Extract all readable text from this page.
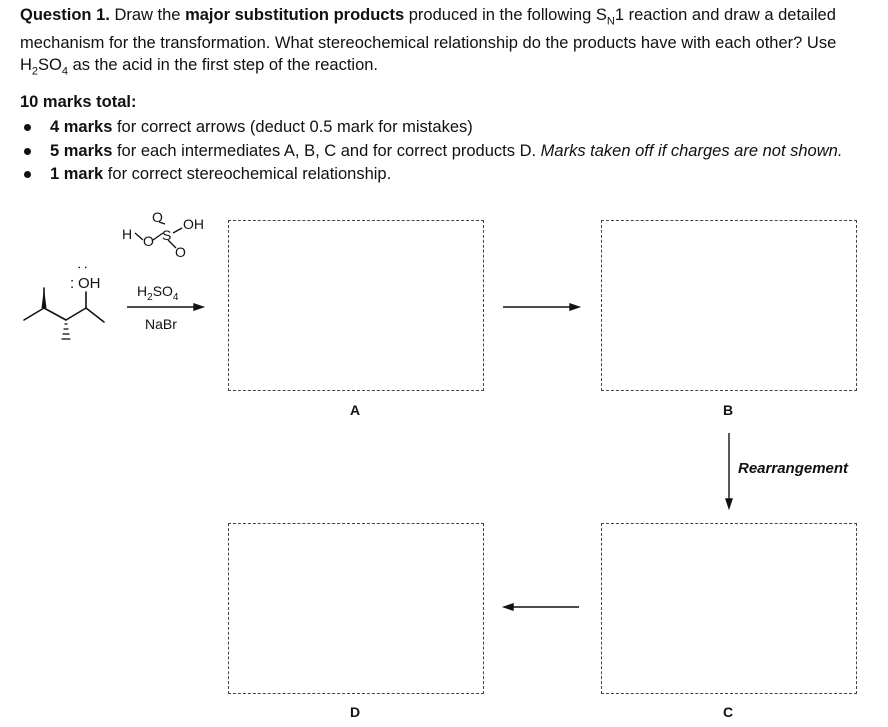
Question 1. Draw the major substitution products produced in the following $S_N1$ reaction and draw a detailed mechanism for the transformation. What stereochemical relationship do the products have with each other? Use $H_2SO_4$ as the acid in the first step of the reaction.

10 marks total:
4 marks for correct arrows (deduct 0.5 mark for mistakes)
5 marks for each intermediates A, B, C and for correct products D. Marks taken off if charges are not shown.
1 mark for correct stereochemical relationship.
H O S
O
O
OH
: OH
:
$H_2SO_4$
NaBr
A	B
D	C
Rearrangement
